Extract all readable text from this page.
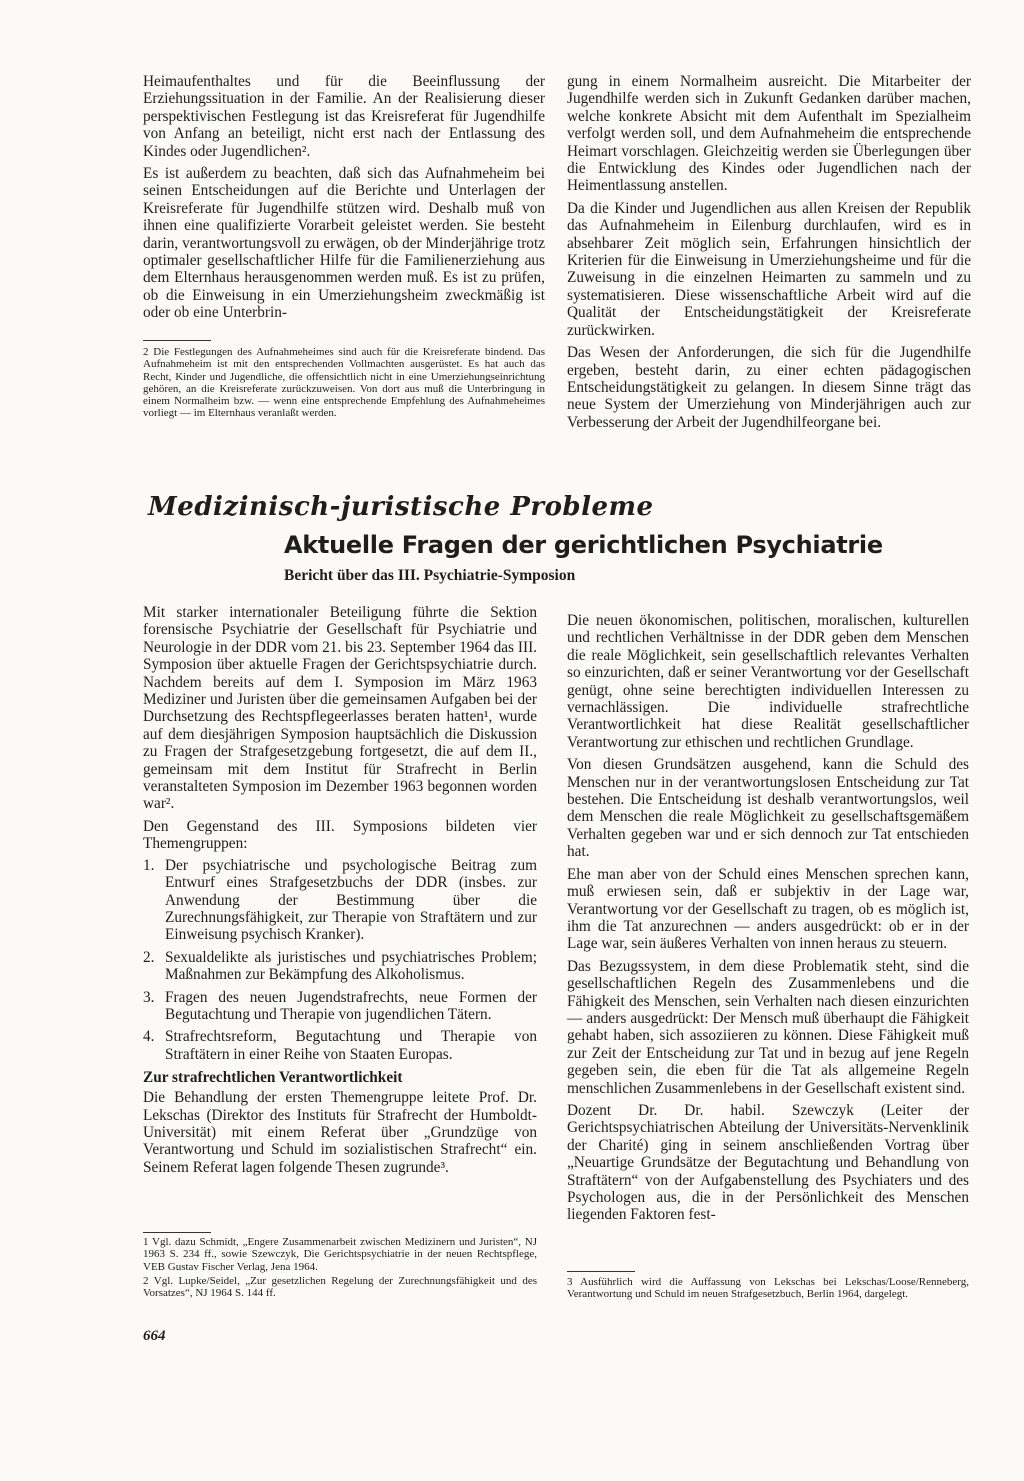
Heimaufenthaltes und für die Beeinflussung der Erziehungssituation in der Familie. An der Realisierung dieser perspektivischen Festlegung ist das Kreisreferat für Jugendhilfe von Anfang an beteiligt, nicht erst nach der Entlassung des Kindes oder Jugendlichen².

Es ist außerdem zu beachten, daß sich das Aufnahmeheim bei seinen Entscheidungen auf die Berichte und Unterlagen der Kreisreferate für Jugendhilfe stützen wird. Deshalb muß von ihnen eine qualifizierte Vorarbeit geleistet werden. Sie besteht darin, verantwortungsvoll zu erwägen, ob der Minderjährige trotz optimaler gesellschaftlicher Hilfe für die Familienerziehung aus dem Elternhaus herausgenommen werden muß. Es ist zu prüfen, ob die Einweisung in ein Umerziehungsheim zweckmäßig ist oder ob eine Unterbrin-

2 Die Festlegungen des Aufnahmeheimes sind auch für die Kreisreferate bindend. Das Aufnahmeheim ist mit den entsprechenden Vollmachten ausgerüstet. Es hat auch das Recht, Kinder und Jugendliche, die offensichtlich nicht in eine Umerziehungseinrichtung gehören, an die Kreisreferate zurückzuweisen. Von dort aus muß die Unterbringung in einem Normalheim bzw. — wenn eine entsprechende Empfehlung des Aufnahmeheimes vorliegt — im Elternhaus veranlaßt werden.

gung in einem Normalheim ausreicht. Die Mitarbeiter der Jugendhilfe werden sich in Zukunft Gedanken darüber machen, welche konkrete Absicht mit dem Aufenthalt im Spezialheim verfolgt werden soll, und dem Aufnahmeheim die entsprechende Heimart vorschlagen. Gleichzeitig werden sie Überlegungen über die Entwicklung des Kindes oder Jugendlichen nach der Heimentlassung anstellen.

Da die Kinder und Jugendlichen aus allen Kreisen der Republik das Aufnahmeheim in Eilenburg durchlaufen, wird es in absehbarer Zeit möglich sein, Erfahrungen hinsichtlich der Kriterien für die Einweisung in Umerziehungsheime und für die Zuweisung in die einzelnen Heimarten zu sammeln und zu systematisieren. Diese wissenschaftliche Arbeit wird auf die Qualität der Entscheidungstätigkeit der Kreisreferate zurückwirken.

Das Wesen der Anforderungen, die sich für die Jugendhilfe ergeben, besteht darin, zu einer echten pädagogischen Entscheidungstätigkeit zu gelangen. In diesem Sinne trägt das neue System der Umerziehung von Minderjährigen auch zur Verbesserung der Arbeit der Jugendhilfeorgane bei.

Medizinisch-juristische Probleme
Aktuelle Fragen der gerichtlichen Psychiatrie
Bericht über das III. Psychiatrie-Symposion

Mit starker internationaler Beteiligung führte die Sektion forensische Psychiatrie der Gesellschaft für Psychiatrie und Neurologie in der DDR vom 21. bis 23. September 1964 das III. Symposion über aktuelle Fragen der Gerichtspsychiatrie durch. Nachdem bereits auf dem I. Symposion im März 1963 Mediziner und Juristen über die gemeinsamen Aufgaben bei der Durchsetzung des Rechtspflegeerlasses beraten hatten¹, wurde auf dem diesjährigen Symposion hauptsächlich die Diskussion zu Fragen der Strafgesetzgebung fortgesetzt, die auf dem II., gemeinsam mit dem Institut für Strafrecht in Berlin veranstalteten Symposion im Dezember 1963 begonnen worden war².

Den Gegenstand des III. Symposions bildeten vier Themengruppen:

1. Der psychiatrische und psychologische Beitrag zum Entwurf eines Strafgesetzbuchs der DDR (insbes. zur Anwendung der Bestimmung über die Zurechnungsfähigkeit, zur Therapie von Straftätern und zur Einweisung psychisch Kranker).
2. Sexualdelikte als juristisches und psychiatrisches Problem; Maßnahmen zur Bekämpfung des Alkoholismus.
3. Fragen des neuen Jugendstrafrechts, neue Formen der Begutachtung und Therapie von jugendlichen Tätern.
4. Strafrechtsreform, Begutachtung und Therapie von Straftätern in einer Reihe von Staaten Europas.
Zur strafrechtlichen Verantwortlichkeit

Die Behandlung der ersten Themengruppe leitete Prof. Dr. Lekschas (Direktor des Instituts für Strafrecht der Humboldt-Universität) mit einem Referat über „Grundzüge von Verantwortung und Schuld im sozialistischen Strafrecht“ ein. Seinem Referat lagen folgende Thesen zugrunde³.

1 Vgl. dazu Schmidt, „Engere Zusammenarbeit zwischen Medizinern und Juristen“, NJ 1963 S. 234 ff., sowie Szewczyk, Die Gerichtspsychiatrie in der neuen Rechtspflege, VEB Gustav Fischer Verlag, Jena 1964.

2 Vgl. Lupke/Seidel, „Zur gesetzlichen Regelung der Zurechnungsfähigkeit und des Vorsatzes“, NJ 1964 S. 144 ff.

Die neuen ökonomischen, politischen, moralischen, kulturellen und rechtlichen Verhältnisse in der DDR geben dem Menschen die reale Möglichkeit, sein gesellschaftlich relevantes Verhalten so einzurichten, daß er seiner Verantwortung vor der Gesellschaft genügt, ohne seine berechtigten individuellen Interessen zu vernachlässigen. Die individuelle strafrechtliche Verantwortlichkeit hat diese Realität gesellschaftlicher Verantwortung zur ethischen und rechtlichen Grundlage.

Von diesen Grundsätzen ausgehend, kann die Schuld des Menschen nur in der verantwortungslosen Entscheidung zur Tat bestehen. Die Entscheidung ist deshalb verantwortungslos, weil dem Menschen die reale Möglichkeit zu gesellschaftsgemäßem Verhalten gegeben war und er sich dennoch zur Tat entschieden hat.

Ehe man aber von der Schuld eines Menschen sprechen kann, muß erwiesen sein, daß er subjektiv in der Lage war, Verantwortung vor der Gesellschaft zu tragen, ob es möglich ist, ihm die Tat anzurechnen — anders ausgedrückt: ob er in der Lage war, sein äußeres Verhalten von innen heraus zu steuern.

Das Bezugssystem, in dem diese Problematik steht, sind die gesellschaftlichen Regeln des Zusammenlebens und die Fähigkeit des Menschen, sein Verhalten nach diesen einzurichten — anders ausgedrückt: Der Mensch muß überhaupt die Fähigkeit gehabt haben, sich assoziieren zu können. Diese Fähigkeit muß zur Zeit der Entscheidung zur Tat und in bezug auf jene Regeln gegeben sein, die eben für die Tat als allgemeine Regeln menschlichen Zusammenlebens in der Gesellschaft existent sind.

Dozent Dr. Dr. habil. Szewczyk (Leiter der Gerichtspsychiatrischen Abteilung der Universitäts-Nervenklinik der Charité) ging in seinem anschließenden Vortrag über „Neuartige Grundsätze der Begutachtung und Behandlung von Straftätern“ von der Aufgabenstellung des Psychiaters und des Psychologen aus, die in der Persönlichkeit des Menschen liegenden Faktoren fest-

3 Ausführlich wird die Auffassung von Lekschas bei Lekschas/Loose/Renneberg, Verantwortung und Schuld im neuen Strafgesetzbuch, Berlin 1964, dargelegt.

664
